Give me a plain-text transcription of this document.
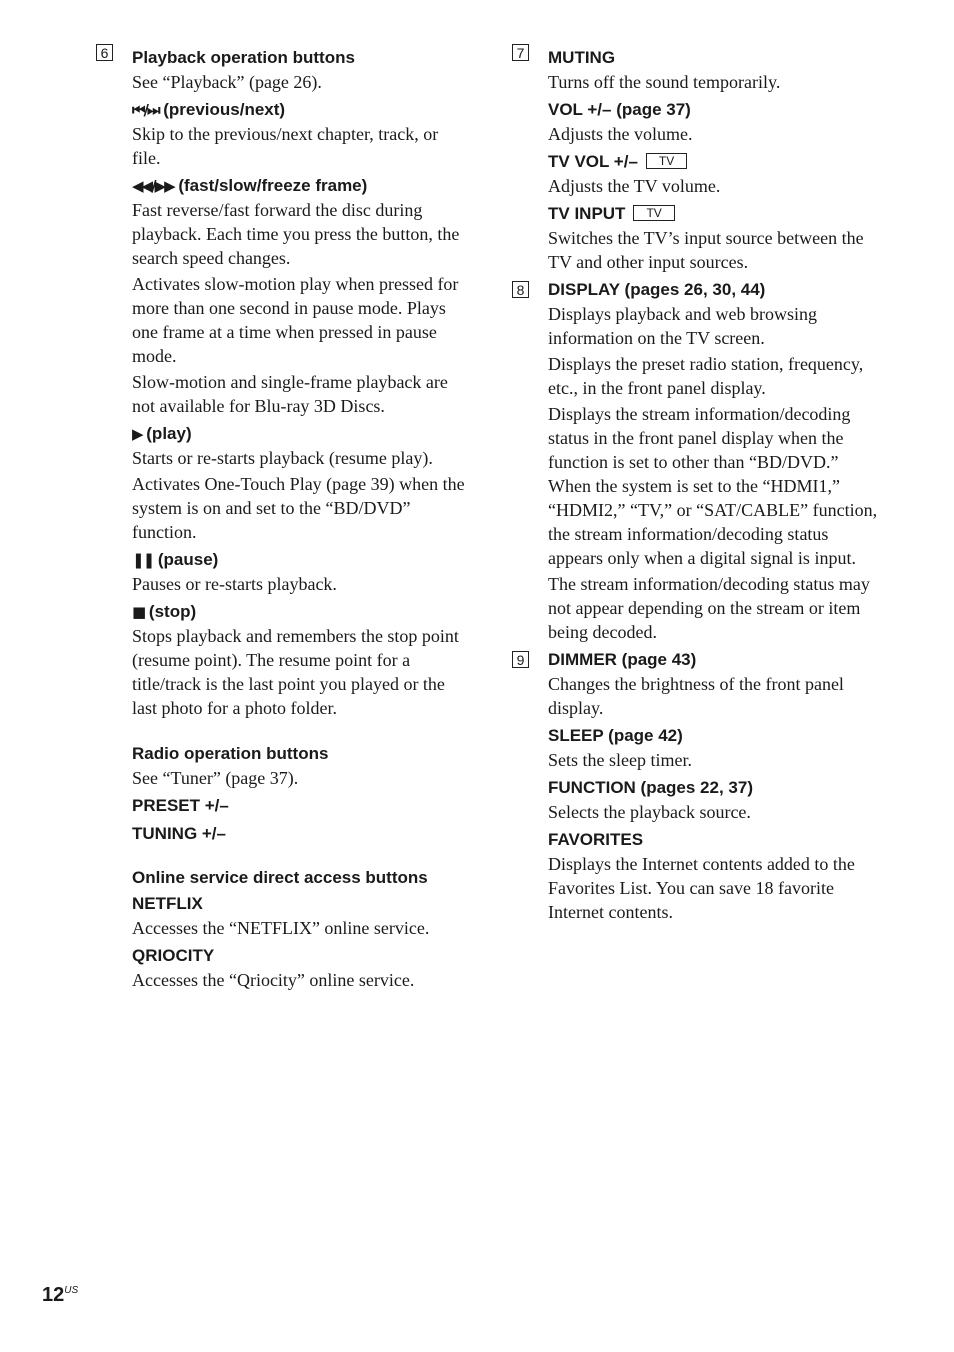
6 Playback operation buttons

See “Playback” (page 26).

⏮/⏭ (previous/next)

Skip to the previous/next chapter, track, or file.

◀◀/▶▶ (fast/slow/freeze frame)

Fast reverse/fast forward the disc during playback. Each time you press the button, the search speed changes.

Activates slow-motion play when pressed for more than one second in pause mode. Plays one frame at a time when pressed in pause mode.

Slow-motion and single-frame playback are not available for Blu-ray 3D Discs.

▶ (play)

Starts or re-starts playback (resume play).

Activates One-Touch Play (page 39) when the system is on and set to the “BD/DVD” function.

❚❚ (pause)

Pauses or re-starts playback.

■ (stop)

Stops playback and remembers the stop point (resume point). The resume point for a title/track is the last point you played or the last photo for a photo folder.

Radio operation buttons

See “Tuner” (page 37).

PRESET +/–

TUNING +/–

Online service direct access buttons

NETFLIX

Accesses the “NETFLIX” online service.

QRIOCITY

Accesses the “Qriocity” online service.

7 MUTING

Turns off the sound temporarily.

VOL +/– (page 37)

Adjusts the volume.

TV VOL +/– TV

Adjusts the TV volume.

TV INPUT TV

Switches the TV’s input source between the TV and other input sources.

8 DISPLAY (pages 26, 30, 44)

Displays playback and web browsing information on the TV screen.

Displays the preset radio station, frequency, etc., in the front panel display.

Displays the stream information/decoding status in the front panel display when the function is set to other than “BD/DVD.” When the system is set to the “HDMI1,” “HDMI2,” “TV,” or “SAT/CABLE” function, the stream information/decoding status appears only when a digital signal is input.

The stream information/decoding status may not appear depending on the stream or item being decoded.

9 DIMMER (page 43)

Changes the brightness of the front panel display.

SLEEP (page 42)

Sets the sleep timer.

FUNCTION (pages 22, 37)

Selects the playback source.

FAVORITES

Displays the Internet contents added to the Favorites List. You can save 18 favorite Internet contents.

$12^{US}$
